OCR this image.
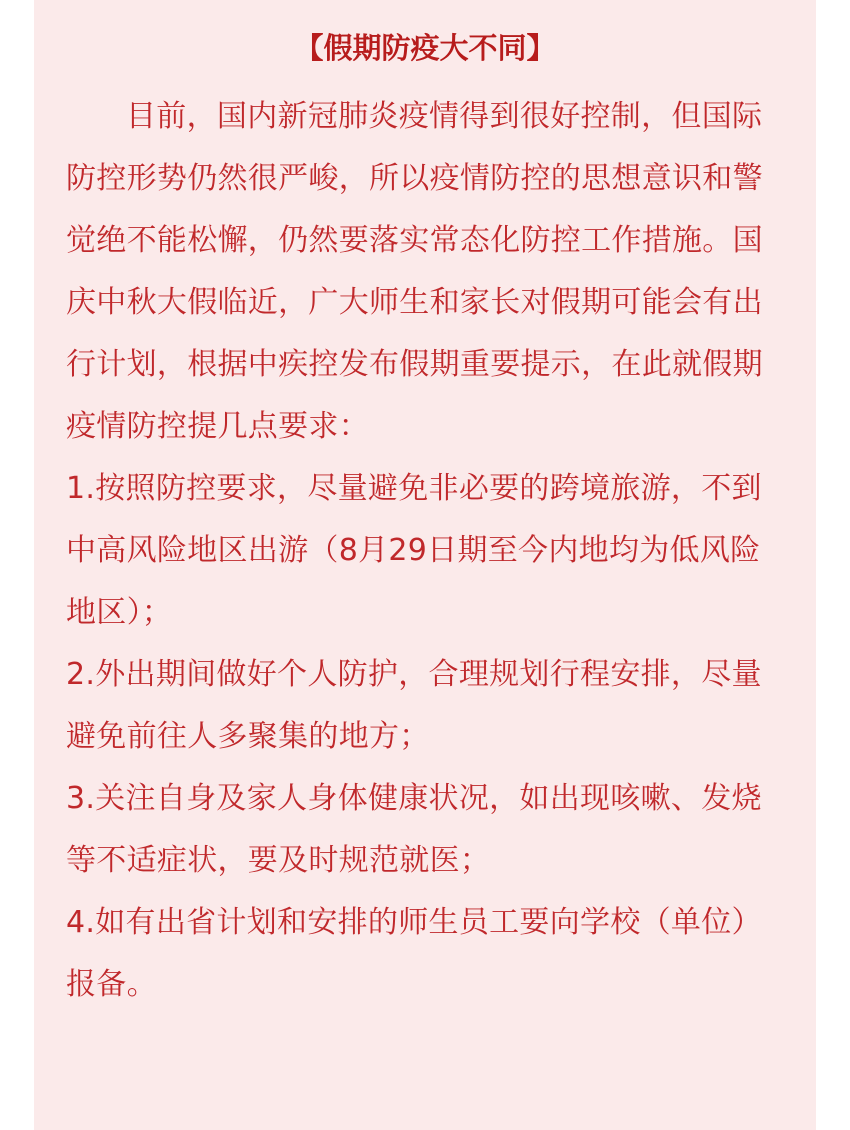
【假期防疫大不同】

目前，国内新冠肺炎疫情得到很好控制，但国际防控形势仍然很严峻，所以疫情防控的思想意识和警觉绝不能松懈，仍然要落实常态化防控工作措施。国庆中秋大假临近，广大师生和家长对假期可能会有出行计划，根据中疾控发布假期重要提示，在此就假期疫情防控提几点要求：

1.按照防控要求，尽量避免非必要的跨境旅游，不到中高风险地区出游（8月29日期至今内地均为低风险地区）；

2.外出期间做好个人防护，合理规划行程安排，尽量避免前往人多聚集的地方；

3.关注自身及家人身体健康状况，如出现咳嗽、发烧等不适症状，要及时规范就医；

4.如有出省计划和安排的师生员工要向学校（单位）报备。
